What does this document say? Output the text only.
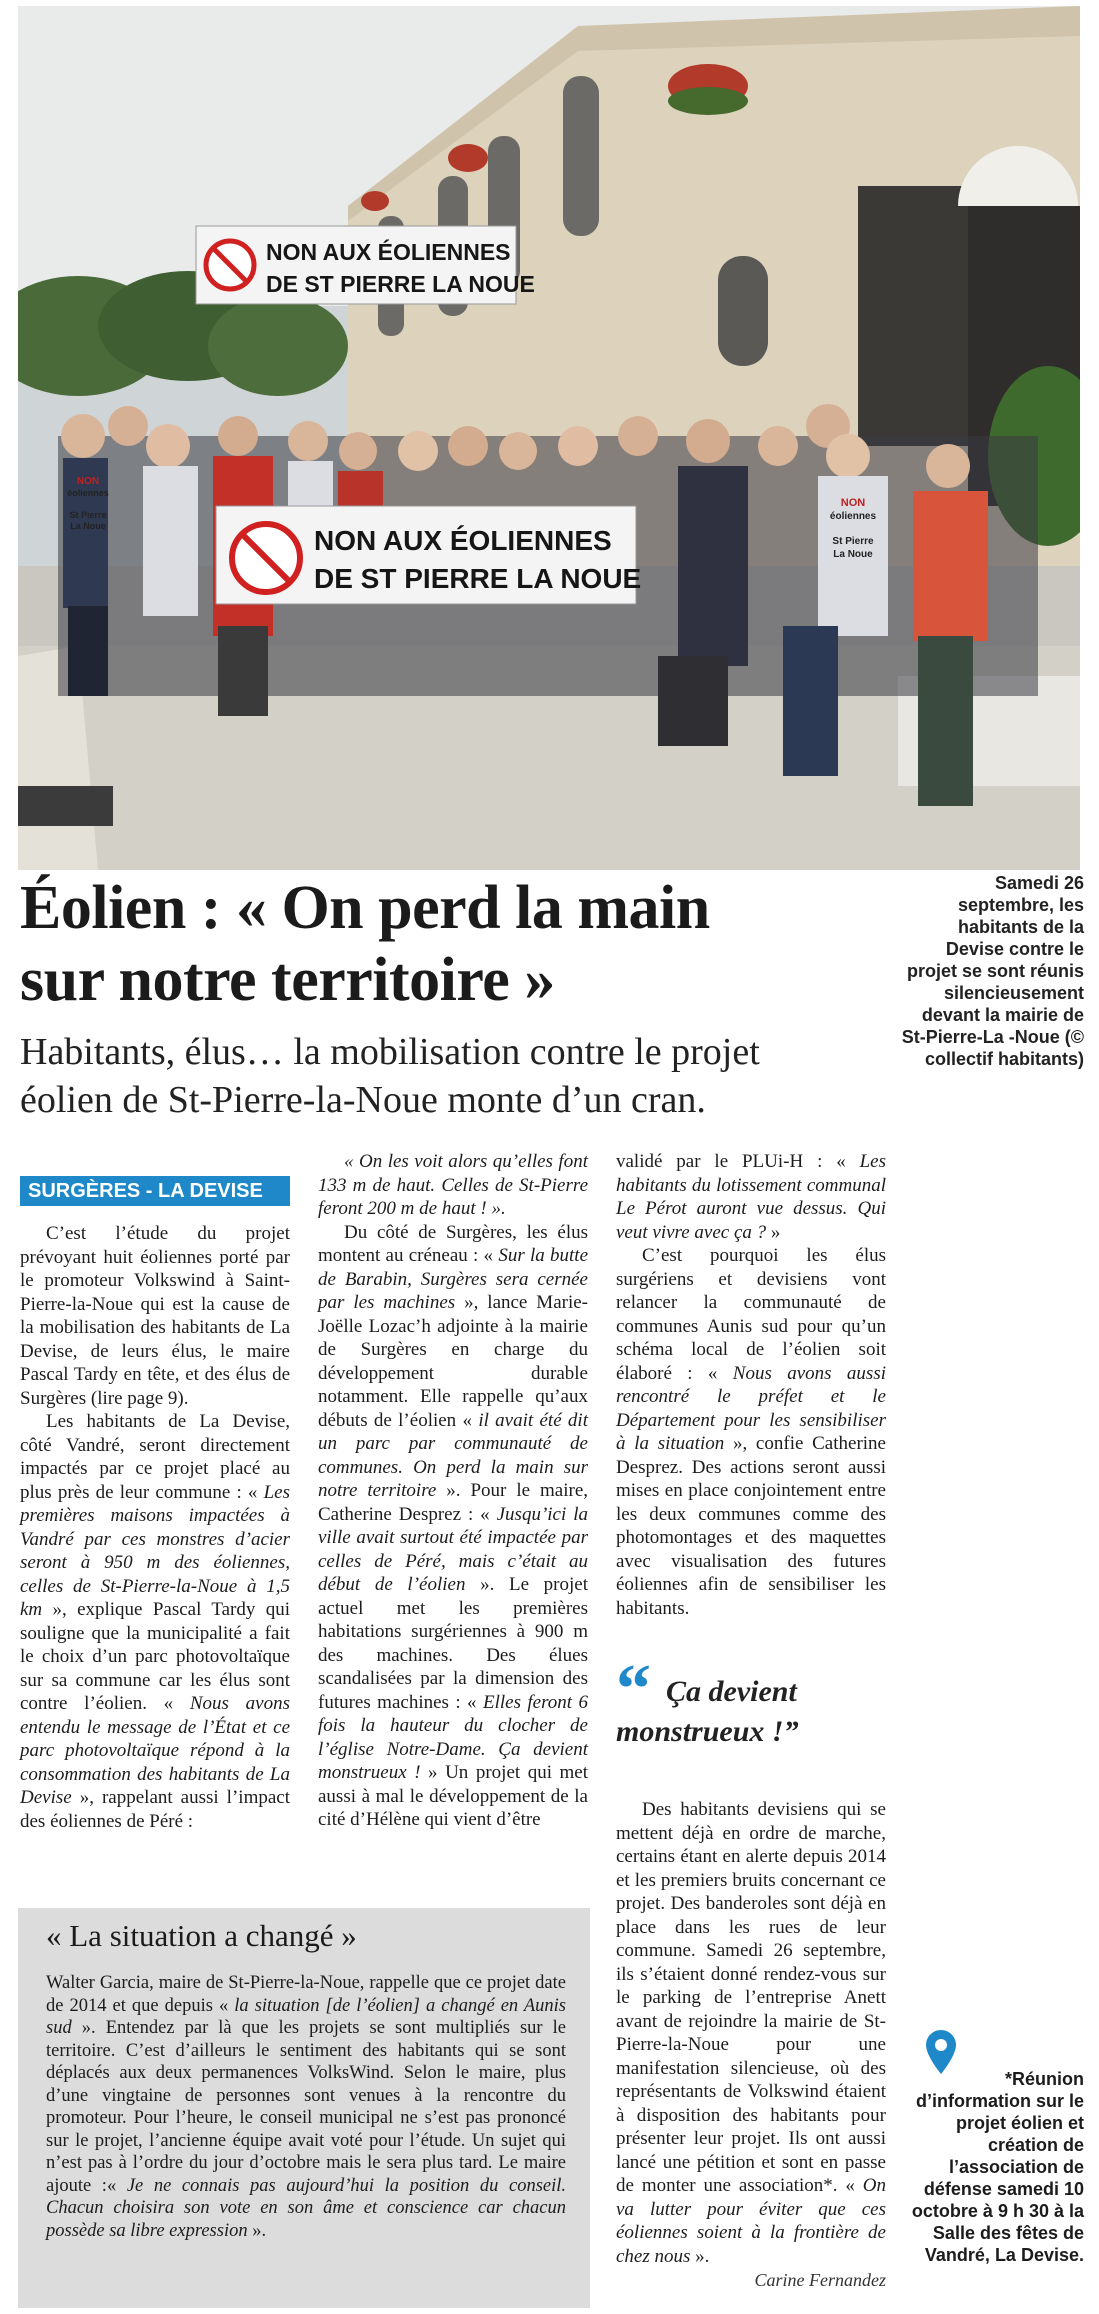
NON AUX ÉOLIENNES
DE ST PIERRE LA NOUE
NON AUX ÉOLIENNES
DE ST PIERRE LA NOUE
NON
éoliennes
St Pierre
La Noue
NON
éoliennes
St Pierre
La Noue
Éolien : « On perd la main
sur notre territoire »
Habitants, élus… la mobilisation contre le projet
éolien de St-Pierre-la-Noue monte d’un cran.
Samedi 26 septembre, les habitants de la Devise contre le projet se sont réunis silencieusement devant la mairie de St-Pierre-La -Noue (© collectif habitants)
SURGÈRES - LA DEVISE

C’est l’étude du projet prévoyant huit éoliennes porté par le promoteur Volkswind à Saint-Pierre-la-Noue qui est la cause de la mobilisation des habitants de La Devise, de leurs élus, le maire Pascal Tardy en tête, et des élus de Surgères (lire page 9).

Les habitants de La Devise, côté Vandré, seront directement impactés par ce projet placé au plus près de leur commune : « Les premières maisons impactées à Vandré par ces monstres d’acier seront à 950 m des éoliennes, celles de St-Pierre-la-Noue à 1,5 km », explique Pascal Tardy qui souligne que la municipalité a fait le choix d’un parc photovoltaïque sur sa commune car les élus sont contre l’éolien. « Nous avons entendu le message de l’État et ce parc photovoltaïque répond à la consommation des habitants de La Devise », rappelant aussi l’impact des éoliennes de Péré :

« On les voit alors qu’elles font 133 m de haut. Celles de St-Pierre feront 200 m de haut ! ».

Du côté de Surgères, les élus montent au créneau : « Sur la butte de Barabin, Surgères sera cernée par les machines », lance Marie-Joëlle Lozac’h adjointe à la mairie de Surgères en charge du développement durable notamment. Elle rappelle qu’aux débuts de l’éolien « il avait été dit un parc par communauté de communes. On perd la main sur notre territoire ». Pour le maire, Catherine Desprez : « Jusqu’ici la ville avait surtout été impactée par celles de Péré, mais c’était au début de l’éolien ». Le projet actuel met les premières habitations surgériennes à 900 m des machines. Des élues scandalisées par la dimension des futures machines : « Elles feront 6 fois la hauteur du clocher de l’église Notre-Dame. Ça devient monstrueux ! » Un projet qui met aussi à mal le développement de la cité d’Hélène qui vient d’être

validé par le PLUi-H : « Les habitants du lotissement communal Le Pérot auront vue dessus. Qui veut vivre avec ça ? »

C’est pourquoi les élus surgériens et devisiens vont relancer la communauté de communes Aunis sud pour qu’un schéma local de l’éolien soit élaboré : « Nous avons aussi rencontré le préfet et le Département pour les sensibiliser à la situation », confie Catherine Desprez. Des actions seront aussi mises en place conjointement entre les deux communes comme des photomontages et des maquettes avec visualisation des futures éoliennes afin de sensibiliser les habitants.

“ Ça devient monstrueux !”

Des habitants devisiens qui se mettent déjà en ordre de marche, certains étant en alerte depuis 2014 et les premiers bruits concernant ce projet. Des banderoles sont déjà en place dans les rues de leur commune. Samedi 26 septembre, ils s’étaient donné rendez-vous sur le parking de l’entreprise Anett avant de rejoindre la mairie de St-Pierre-la-Noue pour une manifestation silencieuse, où des représentants de Volkswind étaient à disposition des habitants pour présenter leur projet. Ils ont aussi lancé une pétition et sont en passe de monter une association*. « On va lutter pour éviter que ces éoliennes soient à la frontière de chez nous ».

Carine Fernandez
« La situation a changé »
Walter Garcia, maire de St-Pierre-la-Noue, rappelle que ce projet date de 2014 et que depuis « la situation [de l’éolien] a changé en Aunis sud ». Entendez par là que les projets se sont multipliés sur le territoire. C’est d’ailleurs le sentiment des habitants qui se sont déplacés aux deux permanences VolksWind. Selon le maire, plus d’une vingtaine de personnes sont venues à la rencontre du promoteur. Pour l’heure, le conseil municipal ne s’est pas prononcé sur le projet, l’ancienne équipe avait voté pour l’étude. Un sujet qui n’est pas à l’ordre du jour d’octobre mais le sera plus tard. Le maire ajoute :« Je ne connais pas aujourd’hui la position du conseil. Chacun choisira son vote en son âme et conscience car chacun possède sa libre expression ».
*Réunion d’information sur le projet éolien et création de l’association de défense samedi 10 octobre à 9 h 30 à la Salle des fêtes de Vandré, La Devise.
